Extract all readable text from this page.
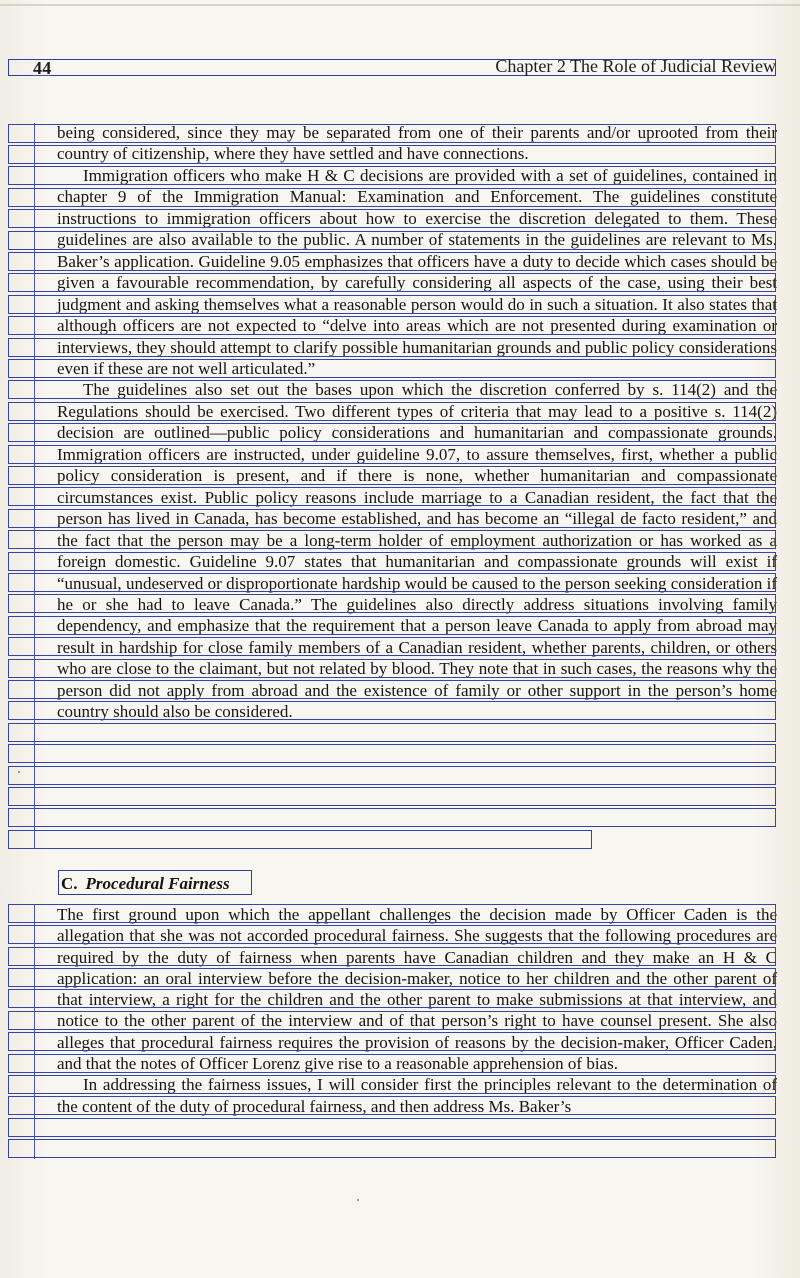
44	Chapter 2 The Role of Judicial Review

being considered, since they may be separated from one of their parents and/or uprooted from their country of citizenship, where they have settled and have connections.

Immigration officers who make H & C decisions are provided with a set of guidelines, contained in chapter 9 of the Immigration Manual: Examination and Enforcement. The guidelines constitute instructions to immigration officers about how to exercise the discretion delegated to them. These guidelines are also available to the public. A number of statements in the guidelines are relevant to Ms. Baker’s application. Guideline 9.05 emphasizes that officers have a duty to decide which cases should be given a favourable recommendation, by carefully considering all aspects of the case, using their best judgment and asking themselves what a reasonable person would do in such a situation. It also states that although officers are not expected to “delve into areas which are not presented during examination or interviews, they should attempt to clarify possible humanitarian grounds and public policy considerations even if these are not well articulated.”

The guidelines also set out the bases upon which the discretion conferred by s. 114(2) and the Regulations should be exercised. Two different types of criteria that may lead to a positive s. 114(2) decision are outlined—public policy considerations and humanitarian and compassionate grounds. Immigration officers are instructed, under guideline 9.07, to assure themselves, first, whether a public policy consideration is present, and if there is none, whether humanitarian and compassionate circumstances exist. Public policy reasons include marriage to a Canadian resident, the fact that the person has lived in Canada, has become established, and has become an “illegal de facto resident,” and the fact that the person may be a long-term holder of employment authorization or has worked as a foreign domestic. Guideline 9.07 states that humanitarian and compassionate grounds will exist if “unusual, undeserved or disproportionate hardship would be caused to the person seeking consideration if he or she had to leave Canada.” The guidelines also directly address situations involving family dependency, and emphasize that the requirement that a person leave Canada to apply from abroad may result in hardship for close family members of a Canadian resident, whether parents, children, or others who are close to the claimant, but not related by blood. They note that in such cases, the reasons why the person did not apply from abroad and the existence of family or other support in the person’s home country should also be considered.

C. Procedural Fairness

The first ground upon which the appellant challenges the decision made by Officer Caden is the allegation that she was not accorded procedural fairness. She suggests that the following procedures are required by the duty of fairness when parents have Canadian children and they make an H & C application: an oral interview before the decision-maker, notice to her children and the other parent of that interview, a right for the children and the other parent to make submissions at that interview, and notice to the other parent of the interview and of that person’s right to have counsel present. She also alleges that procedural fairness requires the provision of reasons by the decision-maker, Officer Caden, and that the notes of Officer Lorenz give rise to a reasonable apprehension of bias.

In addressing the fairness issues, I will consider first the principles relevant to the determination of the content of the duty of procedural fairness, and then address Ms. Baker’s
